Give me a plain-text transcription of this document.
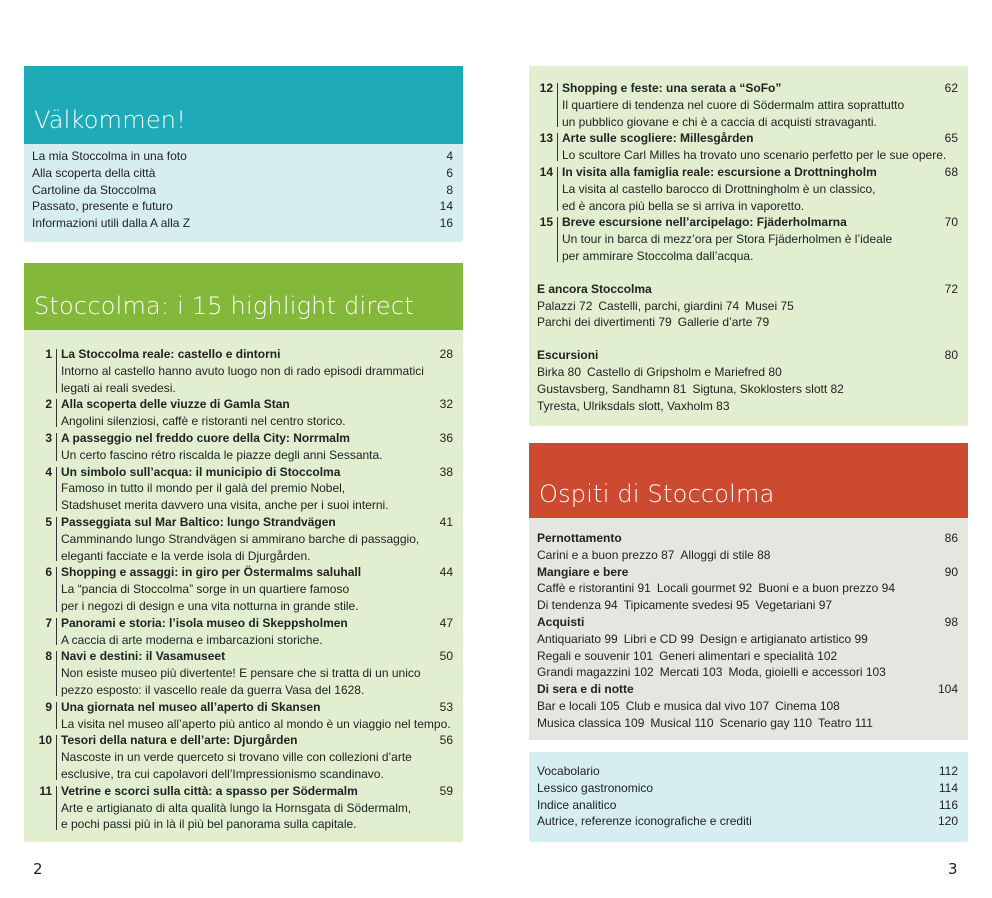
Välkommen!
La mia Stoccolma in una foto	4
Alla scoperta della città	6
Cartoline da Stoccolma	8
Passato, presente e futuro	14
Informazioni utili dalla A alla Z	16
Stoccolma: i 15 highlight direct
1 La Stoccolma reale: castello e dintorni	28
Intorno al castello hanno avuto luogo non di rado episodi drammatici
legati ai reali svedesi.
2 Alla scoperta delle viuzze di Gamla Stan	32
Angolini silenziosi, caffè e ristoranti nel centro storico.
3 A passeggio nel freddo cuore della City: Norrmalm	36
Un certo fascino rétro riscalda le piazze degli anni Sessanta.
4 Un simbolo sull’acqua: il municipio di Stoccolma	38
Famoso in tutto il mondo per il galà del premio Nobel,
Stadshuset merita davvero una visita, anche per i suoi interni.
5 Passeggiata sul Mar Baltico: lungo Strandvägen	41
Camminando lungo Strandvägen si ammirano barche di passaggio,
eleganti facciate e la verde isola di Djurgården.
6 Shopping e assaggi: in giro per Östermalms saluhall	44
La “pancia di Stoccolma” sorge in un quartiere famoso
per i negozi di design e una vita notturna in grande stile.
7 Panorami e storia: l’isola museo di Skeppsholmen	47
A caccia di arte moderna e imbarcazioni storiche.
8 Navi e destini: il Vasamuseet	50
Non esiste museo più divertente! E pensare che si tratta di un unico
pezzo esposto: il vascello reale da guerra Vasa del 1628.
9 Una giornata nel museo all’aperto di Skansen	53
La visita nel museo all’aperto più antico al mondo è un viaggio nel tempo.
10 Tesori della natura e dell’arte: Djurgården	56
Nascoste in un verde querceto si trovano ville con collezioni d’arte
esclusive, tra cui capolavori dell’Impressionismo scandinavo.
11 Vetrine e scorci sulla città: a spasso per Södermalm	59
Arte e artigianato di alta qualità lungo la Hornsgata di Södermalm,
e pochi passi più in là il più bel panorama sulla capitale.
2
12 Shopping e feste: una serata a “SoFo”	62
Il quartiere di tendenza nel cuore di Södermalm attira soprattutto
un pubblico giovane e chi è a caccia di acquisti stravaganti.
13 Arte sulle scogliere: Millesgården	65
Lo scultore Carl Milles ha trovato uno scenario perfetto per le sue opere.
14 In visita alla famiglia reale: escursione a Drottningholm	68
La visita al castello barocco di Drottningholm è un classico,
ed è ancora più bella se si arriva in vaporetto.
15 Breve escursione nell’arcipelago: Fjäderholmarna	70
Un tour in barca di mezz’ora per Stora Fjäderholmen è l’ideale
per ammirare Stoccolma dall’acqua.
E ancora Stoccolma	72
Palazzi 72 Castelli, parchi, giardini 74 Musei 75
Parchi dei divertimenti 79 Gallerie d’arte 79
Escursioni	80
Birka 80 Castello di Gripsholm e Mariefred 80
Gustavsberg, Sandhamn 81 Sigtuna, Skoklosters slott 82
Tyresta, Ulriksdals slott, Vaxholm 83
Ospiti di Stoccolma
Pernottamento	86
Carini e a buon prezzo 87 Alloggi di stile 88
Mangiare e bere	90
Caffè e ristorantini 91 Locali gourmet 92 Buoni e a buon prezzo 94
Di tendenza 94 Tipicamente svedesi 95 Vegetariani 97
Acquisti	98
Antiquariato 99 Libri e CD 99 Design e artigianato artistico 99
Regali e souvenir 101 Generi alimentari e specialità 102
Grandi magazzini 102 Mercati 103 Moda, gioielli e accessori 103
Di sera e di notte	104
Bar e locali 105 Club e musica dal vivo 107 Cinema 108
Musica classica 109 Musical 110 Scenario gay 110 Teatro 111
Vocabolario	112
Lessico gastronomico	114
Indice analitico	116
Autrice, referenze iconografiche e crediti	120
3
